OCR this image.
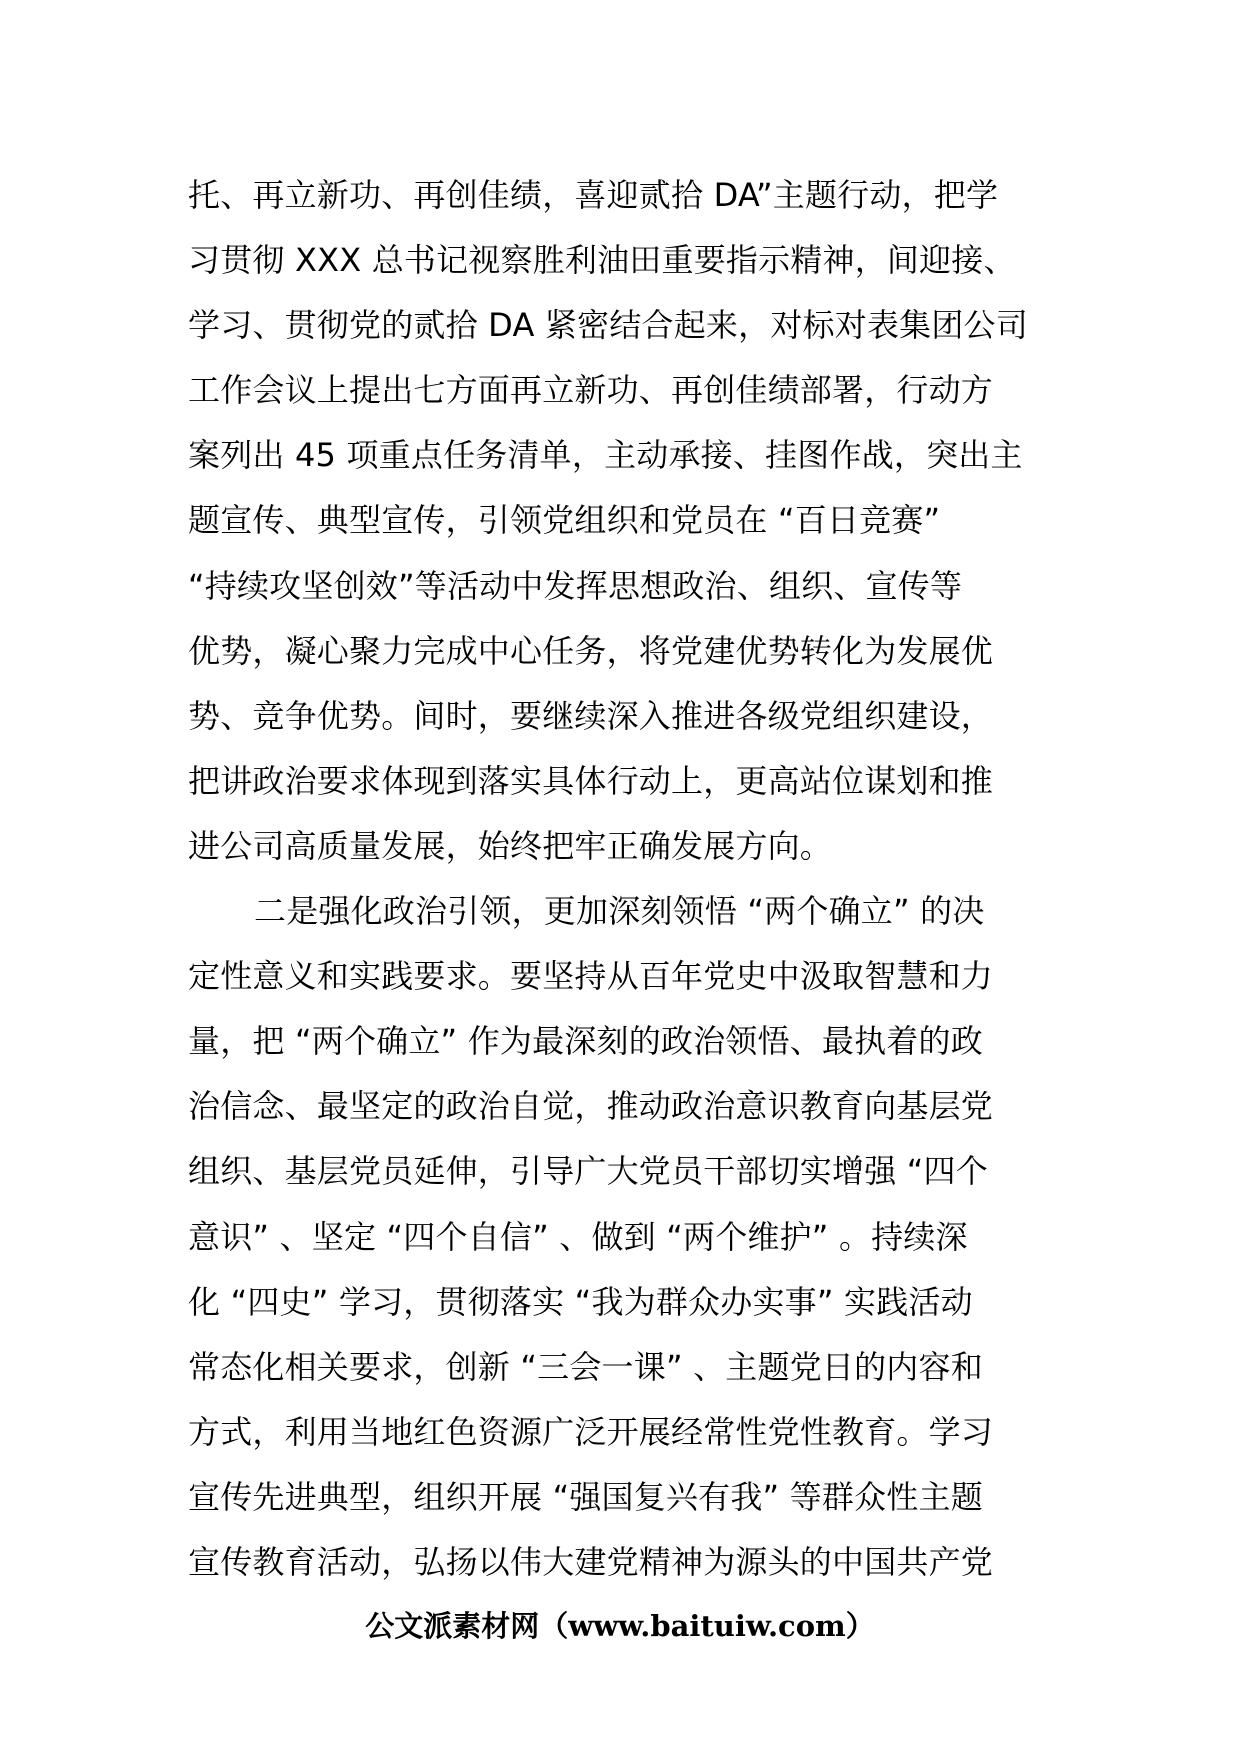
托、再立新功、再创佳绩，喜迎贰拾 DA”主题行动，把学
习贯彻 XXX 总书记视察胜利油田重要指示精神，间迎接、
学习、贯彻党的贰拾 DA 紧密结合起来，对标对表集团公司
工作会议上提出七方面再立新功、再创佳绩部署，行动方
案列出 45 项重点任务清单，主动承接、挂图作战，突出主
题宣传、典型宣传，引领党组织和党员在 “百日竞赛”
“持续攻坚创效”等活动中发挥思想政治、组织、宣传等
优势，凝心聚力完成中心任务，将党建优势转化为发展优
势、竞争优势。间时，要继续深入推进各级党组织建设，
把讲政治要求体现到落实具体行动上，更高站位谋划和推
进公司高质量发展，始终把牢正确发展方向。
二是强化政治引领，更加深刻领悟 “两个确立” 的决
定性意义和实践要求。要坚持从百年党史中汲取智慧和力
量，把 “两个确立” 作为最深刻的政治领悟、最执着的政
治信念、最坚定的政治自觉，推动政治意识教育向基层党
组织、基层党员延伸，引导广大党员干部切实增强 “四个
意识” 、坚定 “四个自信” 、做到 “两个维护” 。持续深
化 “四史” 学习，贯彻落实 “我为群众办实事” 实践活动
常态化相关要求，创新 “三会一课” 、主题党日的内容和
方式，利用当地红色资源广泛开展经常性党性教育。学习
宣传先进典型，组织开展 “强国复兴有我” 等群众性主题
宣传教育活动，弘扬以伟大建党精神为源头的中国共产党
公文派素材网（www.baituiw.com）
